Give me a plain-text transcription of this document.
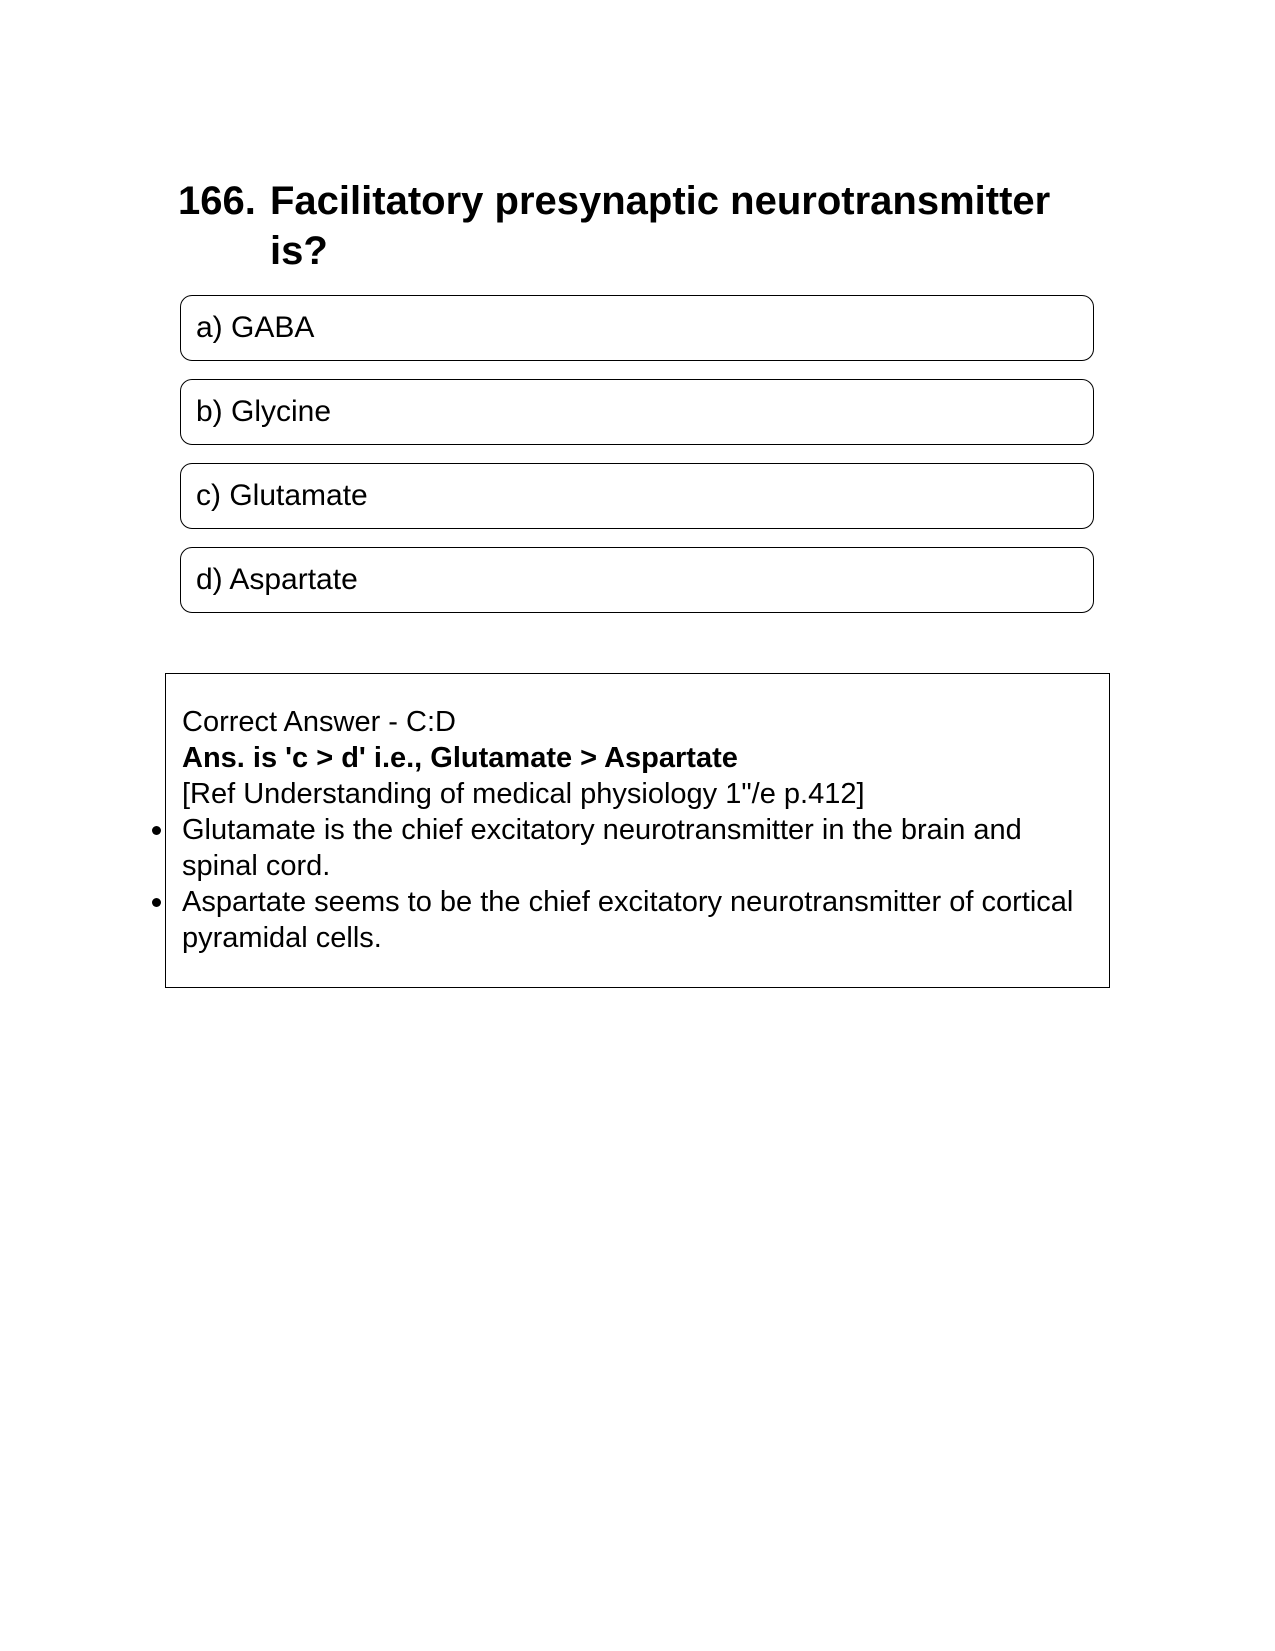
166. Facilitatory presynaptic neurotransmitter is?
a) GABA
b) Glycine
c) Glutamate
d) Aspartate
Correct Answer - C:D
Ans. is 'c > d' i.e., Glutamate > Aspartate
[Ref Understanding of medical physiology 1"/e p.412]
Glutamate is the chief excitatory neurotransmitter in the brain and spinal cord.
Aspartate seems to be the chief excitatory neurotransmitter of cortical pyramidal cells.
